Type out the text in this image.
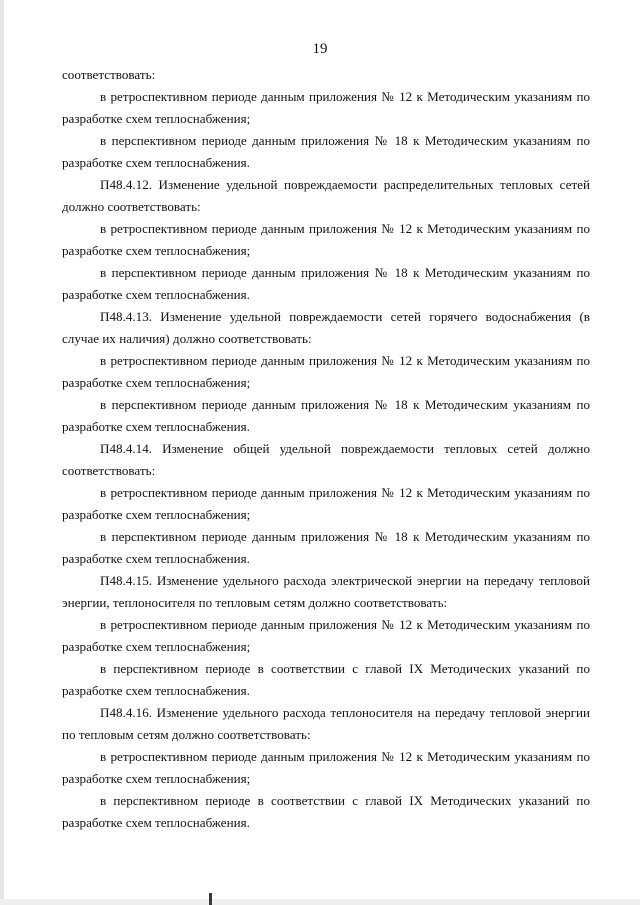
19

соответствовать:

в ретроспективном периоде данным приложения № 12 к Методическим указаниям по разработке схем теплоснабжения;

в перспективном периоде данным приложения № 18 к Методическим указаниям по разработке схем теплоснабжения.

П48.4.12. Изменение удельной повреждаемости распределительных тепловых сетей должно соответствовать:

в ретроспективном периоде данным приложения № 12 к Методическим указаниям по разработке схем теплоснабжения;

в перспективном периоде данным приложения № 18 к Методическим указаниям по разработке схем теплоснабжения.

П48.4.13. Изменение удельной повреждаемости сетей горячего водоснабжения (в случае их наличия) должно соответствовать:

в ретроспективном периоде данным приложения № 12 к Методическим указаниям по разработке схем теплоснабжения;

в перспективном периоде данным приложения № 18 к Методическим указаниям по разработке схем теплоснабжения.

П48.4.14. Изменение общей удельной повреждаемости тепловых сетей должно соответствовать:

в ретроспективном периоде данным приложения № 12 к Методическим указаниям по разработке схем теплоснабжения;

в перспективном периоде данным приложения № 18 к Методическим указаниям по разработке схем теплоснабжения.

П48.4.15. Изменение удельного расхода электрической энергии на передачу тепловой энергии, теплоносителя по тепловым сетям должно соответствовать:

в ретроспективном периоде данным приложения № 12 к Методическим указаниям по разработке схем теплоснабжения;

в перспективном периоде в соответствии с главой IX Методических указаний по разработке схем теплоснабжения.

П48.4.16. Изменение удельного расхода теплоносителя на передачу тепловой энергии по тепловым сетям должно соответствовать:

в ретроспективном периоде данным приложения № 12 к Методическим указаниям по разработке схем теплоснабжения;

в перспективном периоде в соответствии с главой IX Методических указаний по разработке схем теплоснабжения.
